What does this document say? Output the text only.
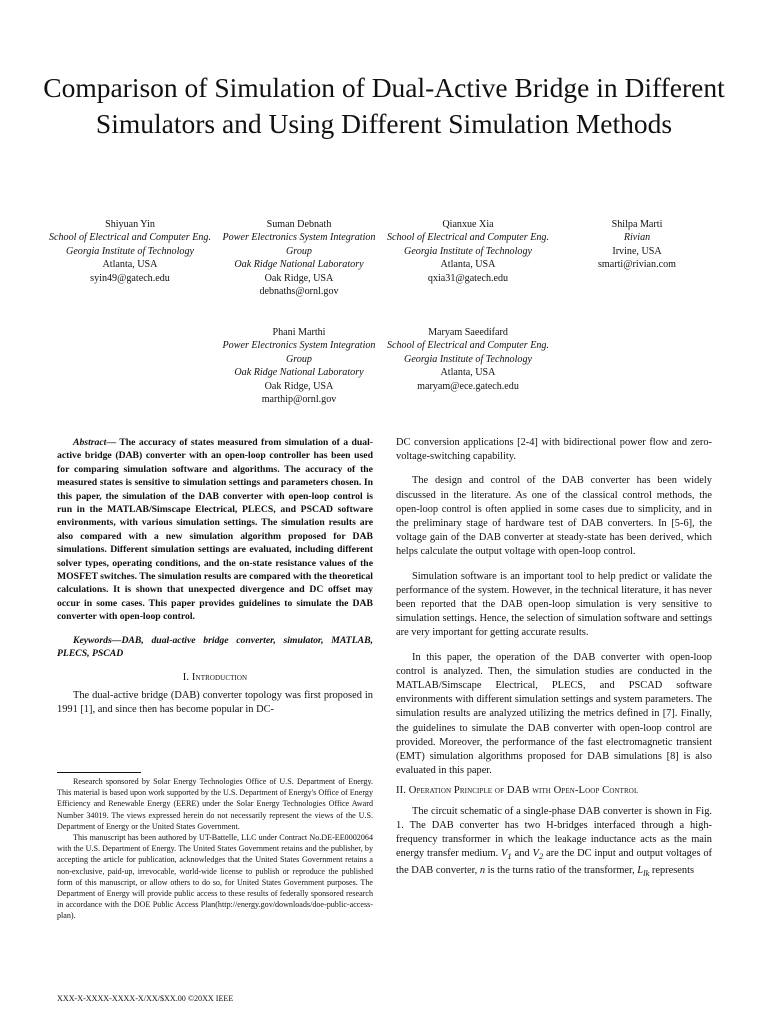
Comparison of Simulation of Dual-Active Bridge in Different Simulators and Using Different Simulation Methods
Shiyuan Yin
School of Electrical and Computer Eng.
Georgia Institute of Technology
Atlanta, USA
syin49@gatech.edu
Suman Debnath
Power Electronics System Integration Group
Oak Ridge National Laboratory
Oak Ridge, USA
debnaths@ornl.gov
Qianxue Xia
School of Electrical and Computer Eng.
Georgia Institute of Technology
Atlanta, USA
qxia31@gatech.edu
Shilpa Marti
Rivian
Irvine, USA
smarti@rivian.com
Phani Marthi
Power Electronics System Integration Group
Oak Ridge National Laboratory
Oak Ridge, USA
marthip@ornl.gov
Maryam Saeedifard
School of Electrical and Computer Eng.
Georgia Institute of Technology
Atlanta, USA
maryam@ece.gatech.edu

Abstract— The accuracy of states measured from simulation of a dual-active bridge (DAB) converter with an open-loop controller has been used for comparing simulation software and algorithms. The accuracy of the measured states is sensitive to simulation settings and parameters chosen. In this paper, the simulation of the DAB converter with open-loop control is run in the MATLAB/Simscape Electrical, PLECS, and PSCAD software environments, with various simulation settings. The simulation results are also compared with a new simulation algorithm proposed for DAB simulations. Different simulation settings are evaluated, including different solver types, operating conditions, and the on-state resistance values of the MOSFET switches. The simulation results are compared with the theoretical calculations. It is shown that unexpected divergence and DC offset may occur in some cases. This paper provides guidelines to simulate the DAB converter with open-loop control.

Keywords—DAB, dual-active bridge converter, simulator, MATLAB, PLECS, PSCAD

I. Introduction

The dual-active bridge (DAB) converter topology was first proposed in 1991 [1], and since then has become popular in DC-

Research sponsored by Solar Energy Technologies Office of U.S. Department of Energy. This material is based upon work supported by the U.S. Department of Energy's Office of Energy Efficiency and Renewable Energy (EERE) under the Solar Energy Technologies Office Award Number 34019. The views expressed herein do not necessarily represent the views of the U.S. Department of Energy or the United States Government.

This manuscript has been authored by UT-Battelle, LLC under Contract No.DE-EE0002064 with the U.S. Department of Energy. The United States Government retains and the publisher, by accepting the article for publication, acknowledges that the United States Government retains a non-exclusive, paid-up, irrevocable, world-wide license to publish or reproduce the published form of this manuscript, or allow others to do so, for United States Government purposes. The Department of Energy will provide public access to these results of federally sponsored research in accordance with the DOE Public Access Plan(http://energy.gov/downloads/doe-public-access-plan).

XXX-X-XXXX-XXXX-X/XX/$XX.00 ©20XX IEEE

DC conversion applications [2-4] with bidirectional power flow and zero-voltage-switching capability.

The design and control of the DAB converter has been widely discussed in the literature. As one of the classical control methods, the open-loop control is often applied in some cases due to simplicity, and in the preliminary stage of hardware test of DAB converters. In [5-6], the voltage gain of the DAB converter at steady-state has been derived, which helps calculate the output voltage with open-loop control.

Simulation software is an important tool to help predict or validate the performance of the system. However, in the technical literature, it has never been reported that the DAB open-loop simulation is very sensitive to simulation settings. Hence, the selection of simulation software and settings are very important for getting accurate results.

In this paper, the operation of the DAB converter with open-loop control is analyzed. Then, the simulation studies are conducted in the MATLAB/Simscape Electrical, PLECS, and PSCAD software environments with different simulation settings and system parameters. The simulation results are analyzed utilizing the metrics defined in [7]. Finally, the guidelines to simulate the DAB converter with open-loop control are provided. Moreover, the performance of the fast electromagnetic transient (EMT) simulation algorithms proposed for DAB simulations [8] is also evaluated in this paper.

II. Operation Principle of DAB with Open-Loop Control

The circuit schematic of a single-phase DAB converter is shown in Fig. 1. The DAB converter has two H-bridges interfaced through a high-frequency transformer in which the leakage inductance acts as the main energy transfer medium. $V_1$ and $V_2$ are the DC input and output voltages of the DAB converter, n is the turns ratio of the transformer, $L_{lk}$ represents
